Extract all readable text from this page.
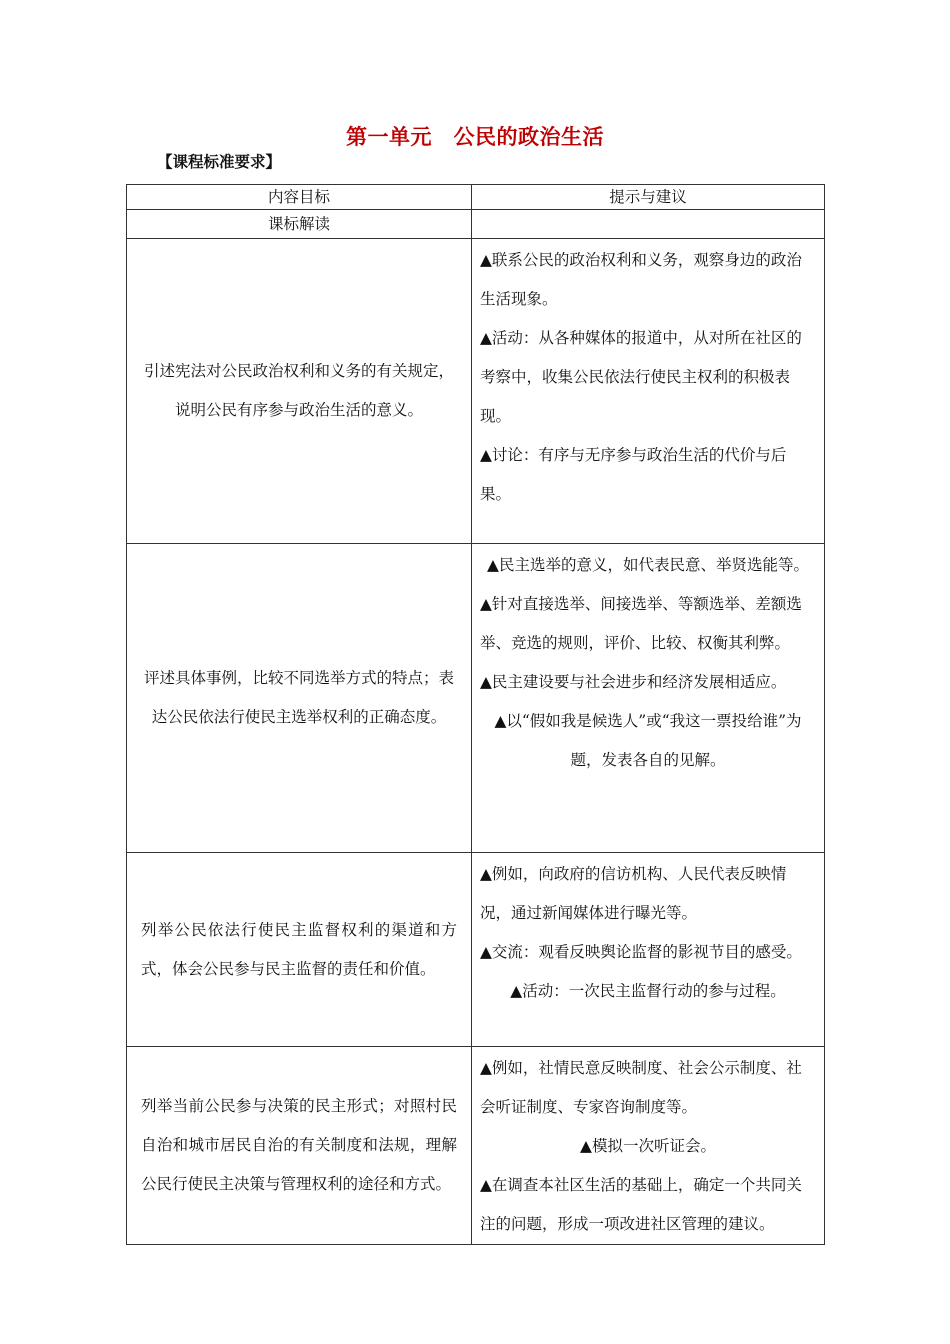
第一单元　公民的政治生活
【课程标准要求】
内容目标	提示与建议
课标解读	
引述宪法对公民政治权利和义务的有关规定，说明公民有序参与政治生活的意义。	▲联系公民的政治权利和义务，观察身边的政治生活现象。

▲活动：从各种媒体的报道中，从对所在社区的考察中，收集公民依法行使民主权利的积极表现。

▲讨论：有序与无序参与政治生活的代价与后果。

评述具体事例，比较不同选举方式的特点；表达公民依法行使民主选举权利的正确态度。	▲民主选举的意义，如代表民意、举贤选能等。

▲针对直接选举、间接选举、等额选举、差额选举、竞选的规则，评价、比较、权衡其利弊。

▲民主建设要与社会进步和经济发展相适应。

▲以“假如我是候选人”或“我这一票投给谁”为题，发表各自的见解。

列举公民依法行使民主监督权利的渠道和方式，体会公民参与民主监督的责任和价值。	▲例如，向政府的信访机构、人民代表反映情况，通过新闻媒体进行曝光等。

▲交流：观看反映舆论监督的影视节目的感受。

▲活动：一次民主监督行动的参与过程。

列举当前公民参与决策的民主形式；对照村民自治和城市居民自治的有关制度和法规，理解公民行使民主决策与管理权利的途径和方式。	▲例如，社情民意反映制度、社会公示制度、社会听证制度、专家咨询制度等。

▲模拟一次听证会。

▲在调查本社区生活的基础上，确定一个共同关注的问题，形成一项改进社区管理的建议。
